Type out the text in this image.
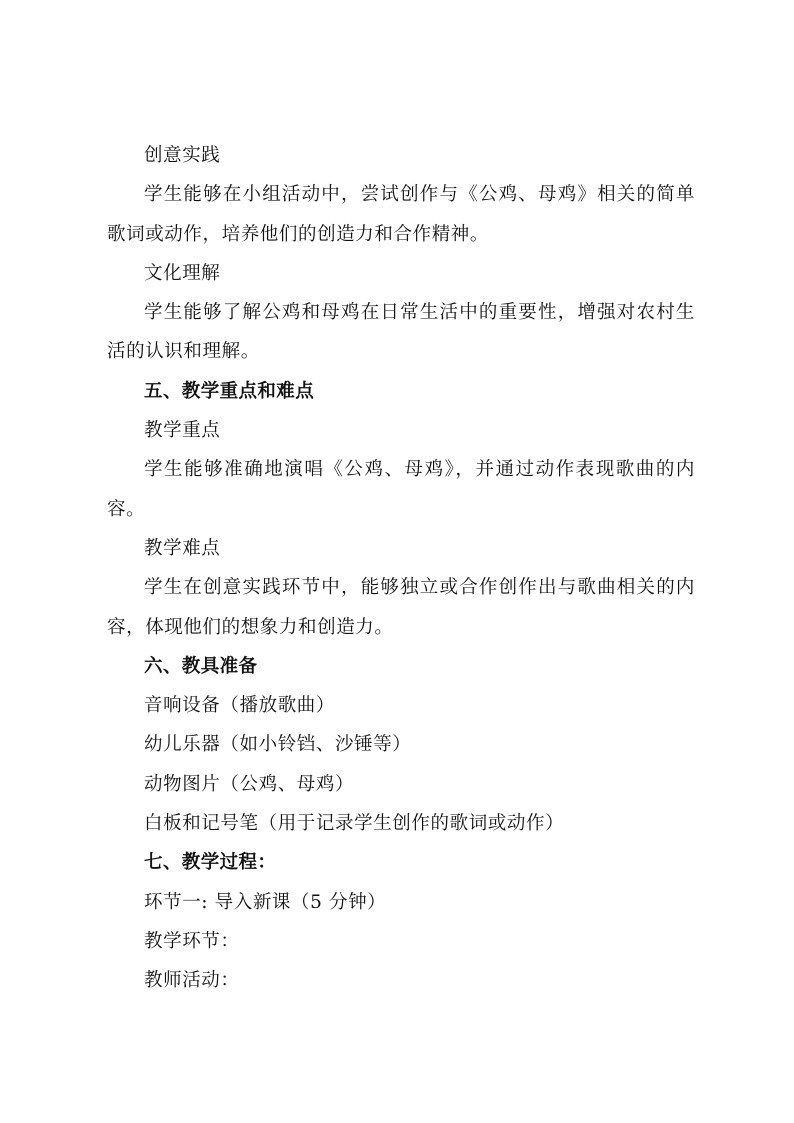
创意实践

学生能够在小组活动中，尝试创作与《公鸡、母鸡》相关的简单歌词或动作，培养他们的创造力和合作精神。

文化理解

学生能够了解公鸡和母鸡在日常生活中的重要性，增强对农村生活的认识和理解。

五、教学重点和难点

教学重点

学生能够准确地演唱《公鸡、母鸡》，并通过动作表现歌曲的内容。

教学难点

学生在创意实践环节中，能够独立或合作创作出与歌曲相关的内容，体现他们的想象力和创造力。

六、教具准备

音响设备（播放歌曲）

幼儿乐器（如小铃铛、沙锤等）

动物图片（公鸡、母鸡）

白板和记号笔（用于记录学生创作的歌词或动作）

七、教学过程：

环节一: 导入新课（5 分钟）

教学环节：

教师活动：
